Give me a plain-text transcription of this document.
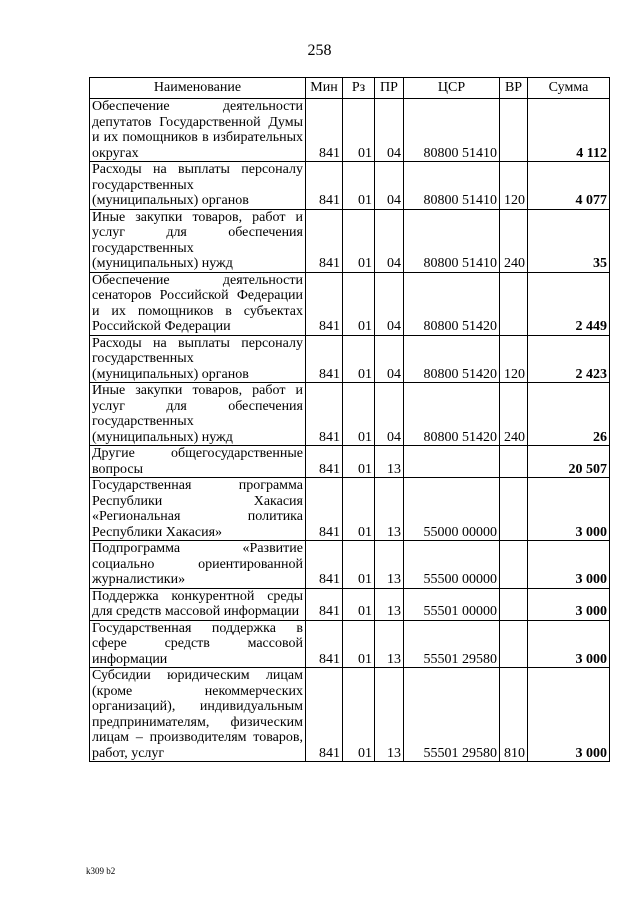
258
Наименование	Мин	Рз	ПР	ЦСР	ВР	Сумма
Обеспечение деятельности депутатов Государственной Думы и их помощников в избирательных округах	841	01	04	80800 51410		4 112
Расходы на выплаты персоналу государственных (муниципальных) органов	841	01	04	80800 51410	120	4 077
Иные закупки товаров, работ и услуг для обеспечения государственных (муниципальных) нужд	841	01	04	80800 51410	240	35
Обеспечение деятельности сенаторов Российской Федерации и их помощников в субъектах Российской Федерации	841	01	04	80800 51420		2 449
Расходы на выплаты персоналу государственных (муниципальных) органов	841	01	04	80800 51420	120	2 423
Иные закупки товаров, работ и услуг для обеспечения государственных (муниципальных) нужд	841	01	04	80800 51420	240	26
Другие общегосударственные вопросы	841	01	13			20 507
Государственная программа Республики Хакасия «Региональная политика Республики Хакасия»	841	01	13	55000 00000		3 000
Подпрограмма «Развитие социально ориентированной журналистики»	841	01	13	55500 00000		3 000
Поддержка конкурентной среды для средств массовой информации	841	01	13	55501 00000		3 000
Государственная поддержка в сфере средств массовой информации	841	01	13	55501 29580		3 000
Субсидии юридическим лицам (кроме некоммерческих организаций), индивидуальным предпринимателям, физическим лицам – производителям товаров, работ, услуг	841	01	13	55501 29580	810	3 000
k309 b2
